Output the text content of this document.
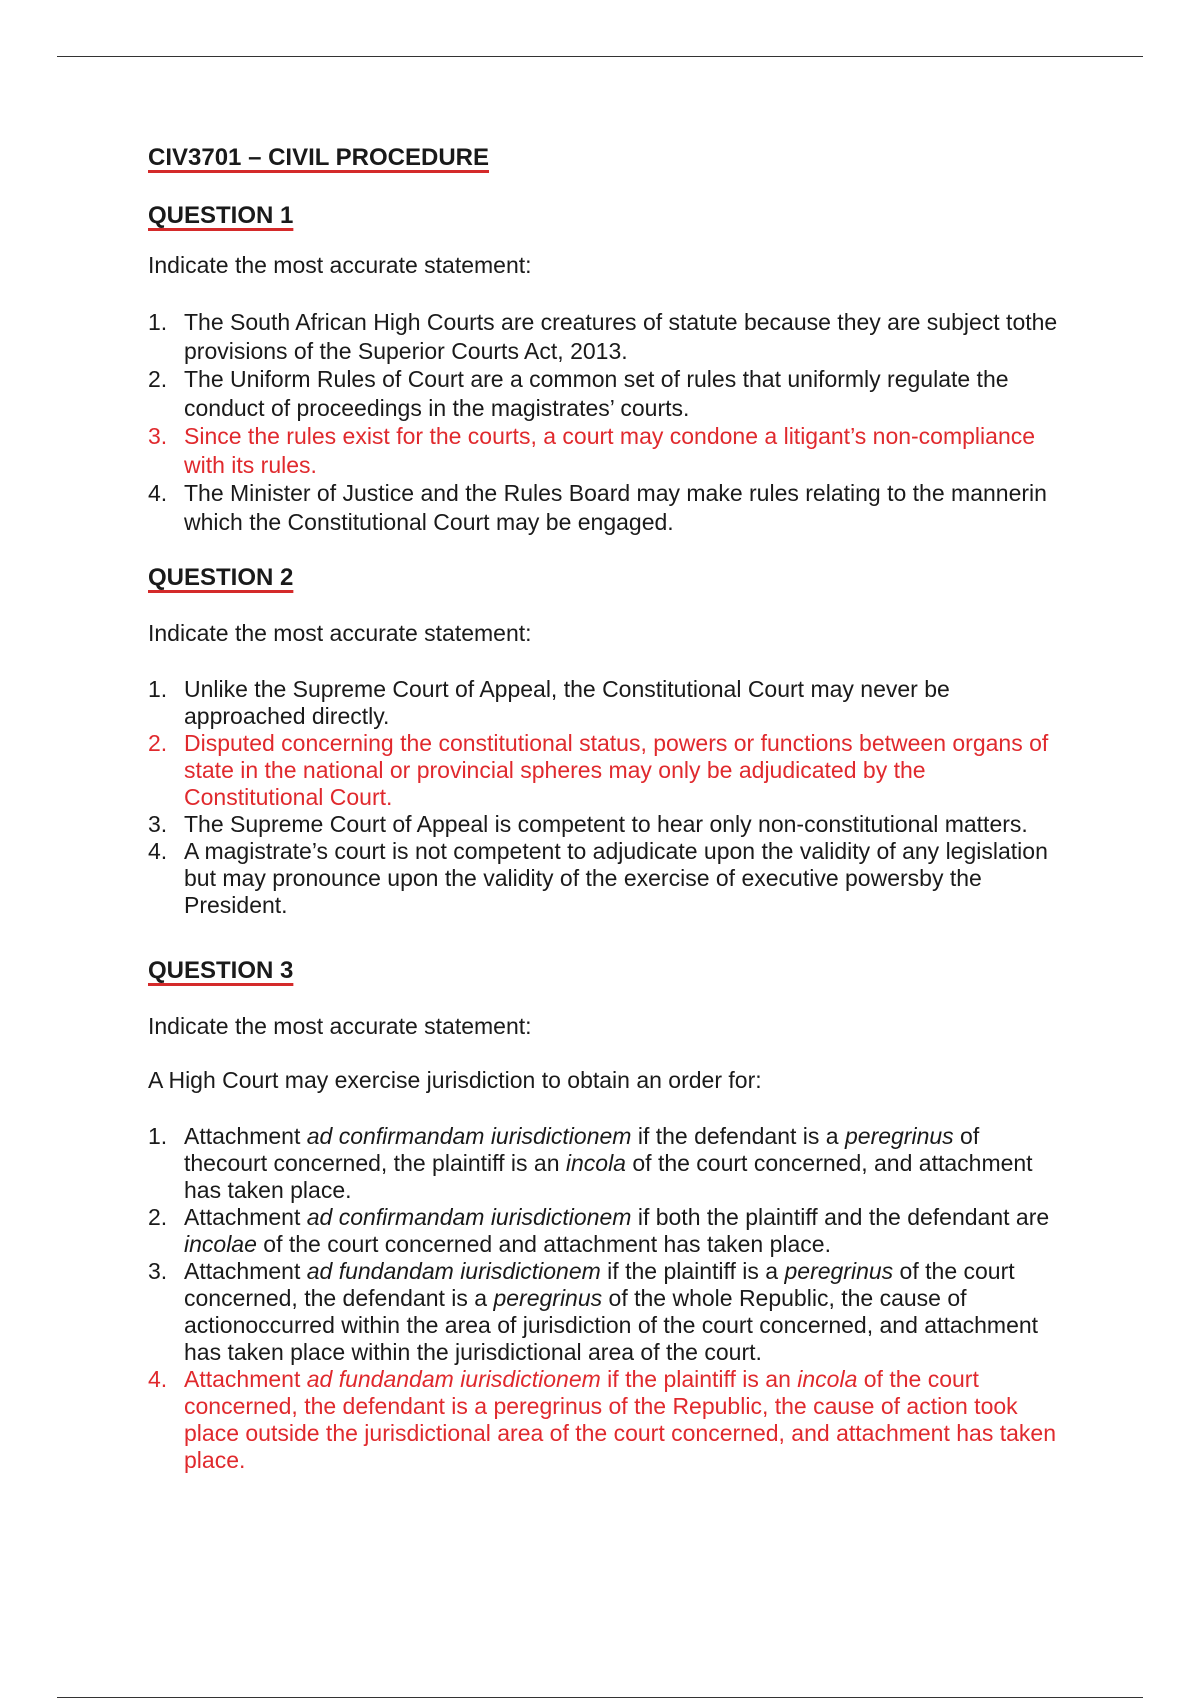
CIV3701 – CIVIL PROCEDURE
QUESTION 1

Indicate the most accurate statement:

1. The South African High Courts are creatures of statute because they are subject tothe provisions of the Superior Courts Act, 2013.
2. The Uniform Rules of Court are a common set of rules that uniformly regulate the conduct of proceedings in the magistrates’ courts.
3. Since the rules exist for the courts, a court may condone a litigant’s non-compliance with its rules.
4. The Minister of Justice and the Rules Board may make rules relating to the mannerin which the Constitutional Court may be engaged.
QUESTION 2

Indicate the most accurate statement:

1. Unlike the Supreme Court of Appeal, the Constitutional Court may never be approached directly.
2. Disputed concerning the constitutional status, powers or functions between organs of state in the national or provincial spheres may only be adjudicated by the Constitutional Court.
3. The Supreme Court of Appeal is competent to hear only non-constitutional matters.
4. A magistrate’s court is not competent to adjudicate upon the validity of any legislation but may pronounce upon the validity of the exercise of executive powersby the President.
QUESTION 3

Indicate the most accurate statement:

A High Court may exercise jurisdiction to obtain an order for:

1. Attachment ad confirmandam iurisdictionem if the defendant is a peregrinus of thecourt concerned, the plaintiff is an incola of the court concerned, and attachment has taken place.
2. Attachment ad confirmandam iurisdictionem if both the plaintiff and the defendant are incolae of the court concerned and attachment has taken place.
3. Attachment ad fundandam iurisdictionem if the plaintiff is a peregrinus of the court concerned, the defendant is a peregrinus of the whole Republic, the cause of actionoccurred within the area of jurisdiction of the court concerned, and attachment has taken place within the jurisdictional area of the court.
4. Attachment ad fundandam iurisdictionem if the plaintiff is an incola of the court concerned, the defendant is a peregrinus of the Republic, the cause of action took place outside the jurisdictional area of the court concerned, and attachment has taken place.
